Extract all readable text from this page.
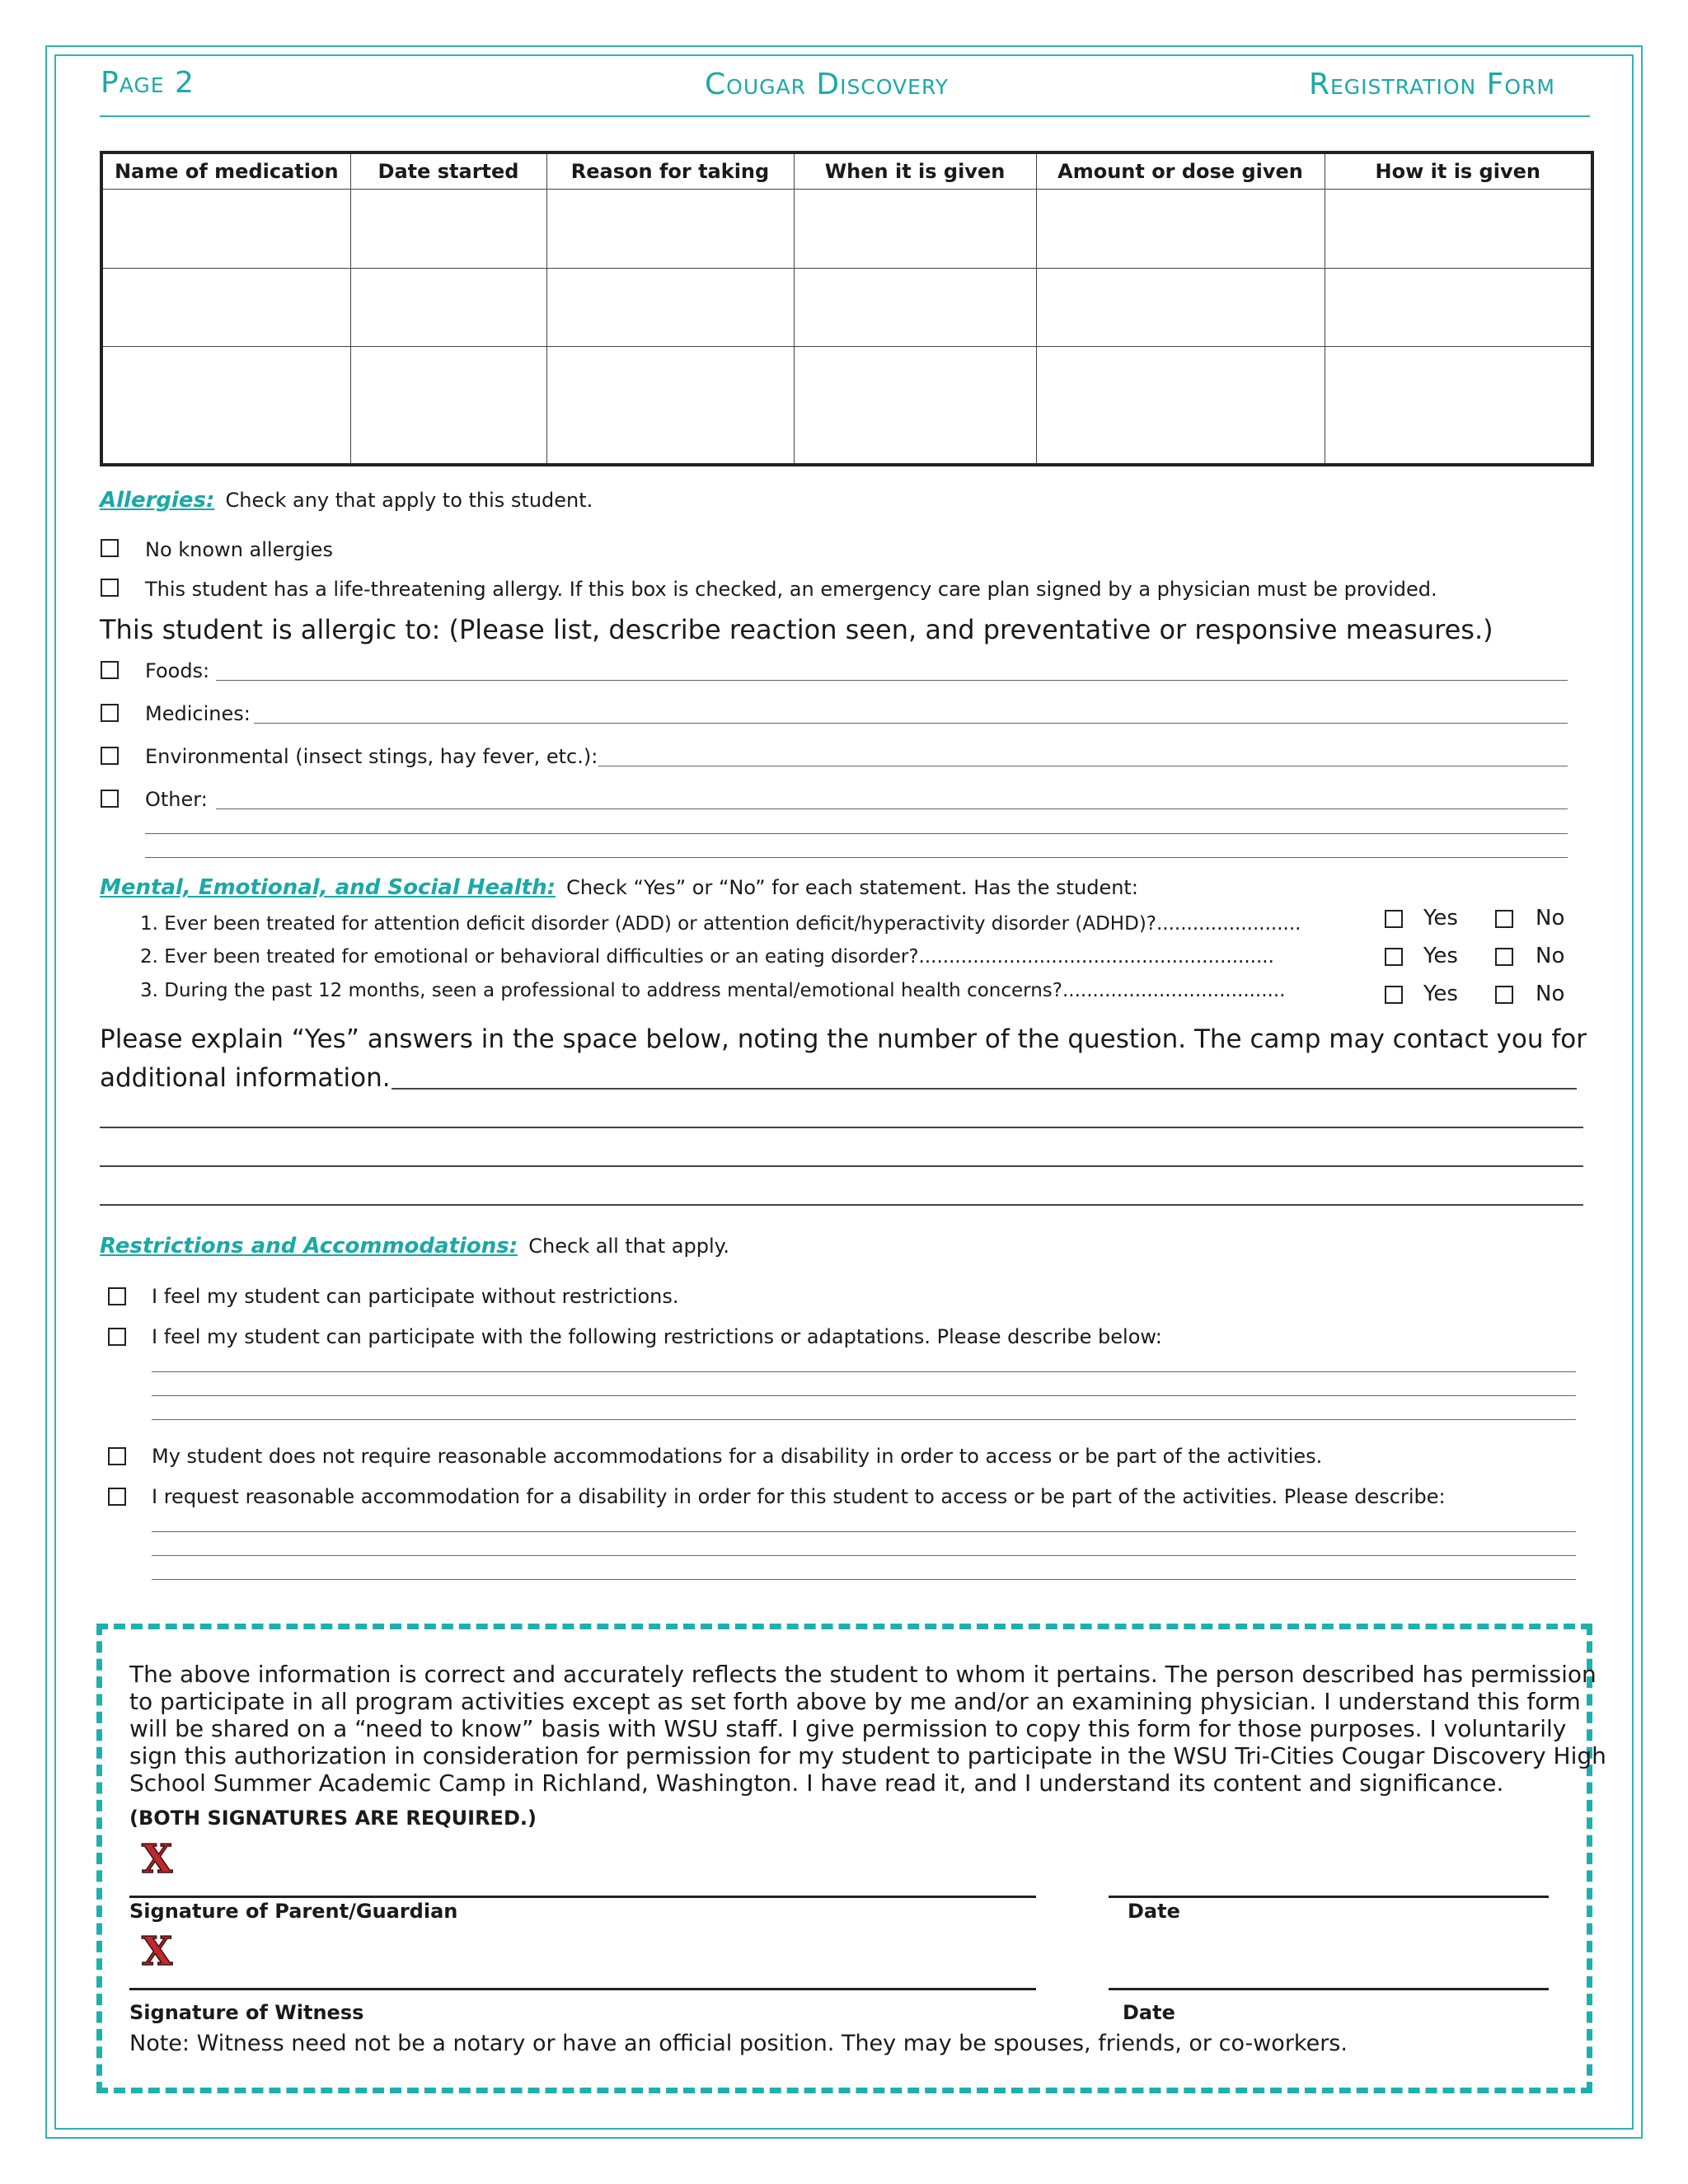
Page 2	Cougar Discovery	Registration Form
Name of medication	Date started	Reason for taking	When it is given	Amount or dose given	How it is given

Allergies: Check any that apply to this student.
No known allergies
This student has a life-threatening allergy. If this box is checked, an emergency care plan signed by a physician must be provided.
This student is allergic to: (Please list, describe reaction seen, and preventative or responsive measures.)
Foods:
Medicines:
Environmental (insect stings, hay fever, etc.):
Other:
Mental, Emotional, and Social Health: Check “Yes” or “No” for each statement. Has the student:
1. Ever been treated for attention deficit disorder (ADD) or attention deficit/hyperactivity disorder (ADHD)?........................	Yes	No
2. Ever been treated for emotional or behavioral difficulties or an eating disorder?...........................................................	Yes	No
3. During the past 12 months, seen a professional to address mental/emotional health concerns?.....................................	Yes	No
Please explain “Yes” answers in the space below, noting the number of the question. The camp may contact you for
additional information.
Restrictions and Accommodations: Check all that apply.
I feel my student can participate without restrictions.
I feel my student can participate with the following restrictions or adaptations. Please describe below:
My student does not require reasonable accommodations for a disability in order to access or be part of the activities.
I request reasonable accommodation for a disability in order for this student to access or be part of the activities. Please describe:
The above information is correct and accurately reflects the student to whom it pertains. The person described has permission
to participate in all program activities except as set forth above by me and/or an examining physician. I understand this form
will be shared on a “need to know” basis with WSU staff. I give permission to copy this form for those purposes. I voluntarily
sign this authorization in consideration for permission for my student to participate in the WSU Tri-Cities Cougar Discovery High
School Summer Academic Camp in Richland, Washington. I have read it, and I understand its content and significance.
(BOTH SIGNATURES ARE REQUIRED.)
X
Signature of Parent/Guardian	Date
X
Signature of Witness	Date
Note: Witness need not be a notary or have an official position. They may be spouses, friends, or co-workers.
